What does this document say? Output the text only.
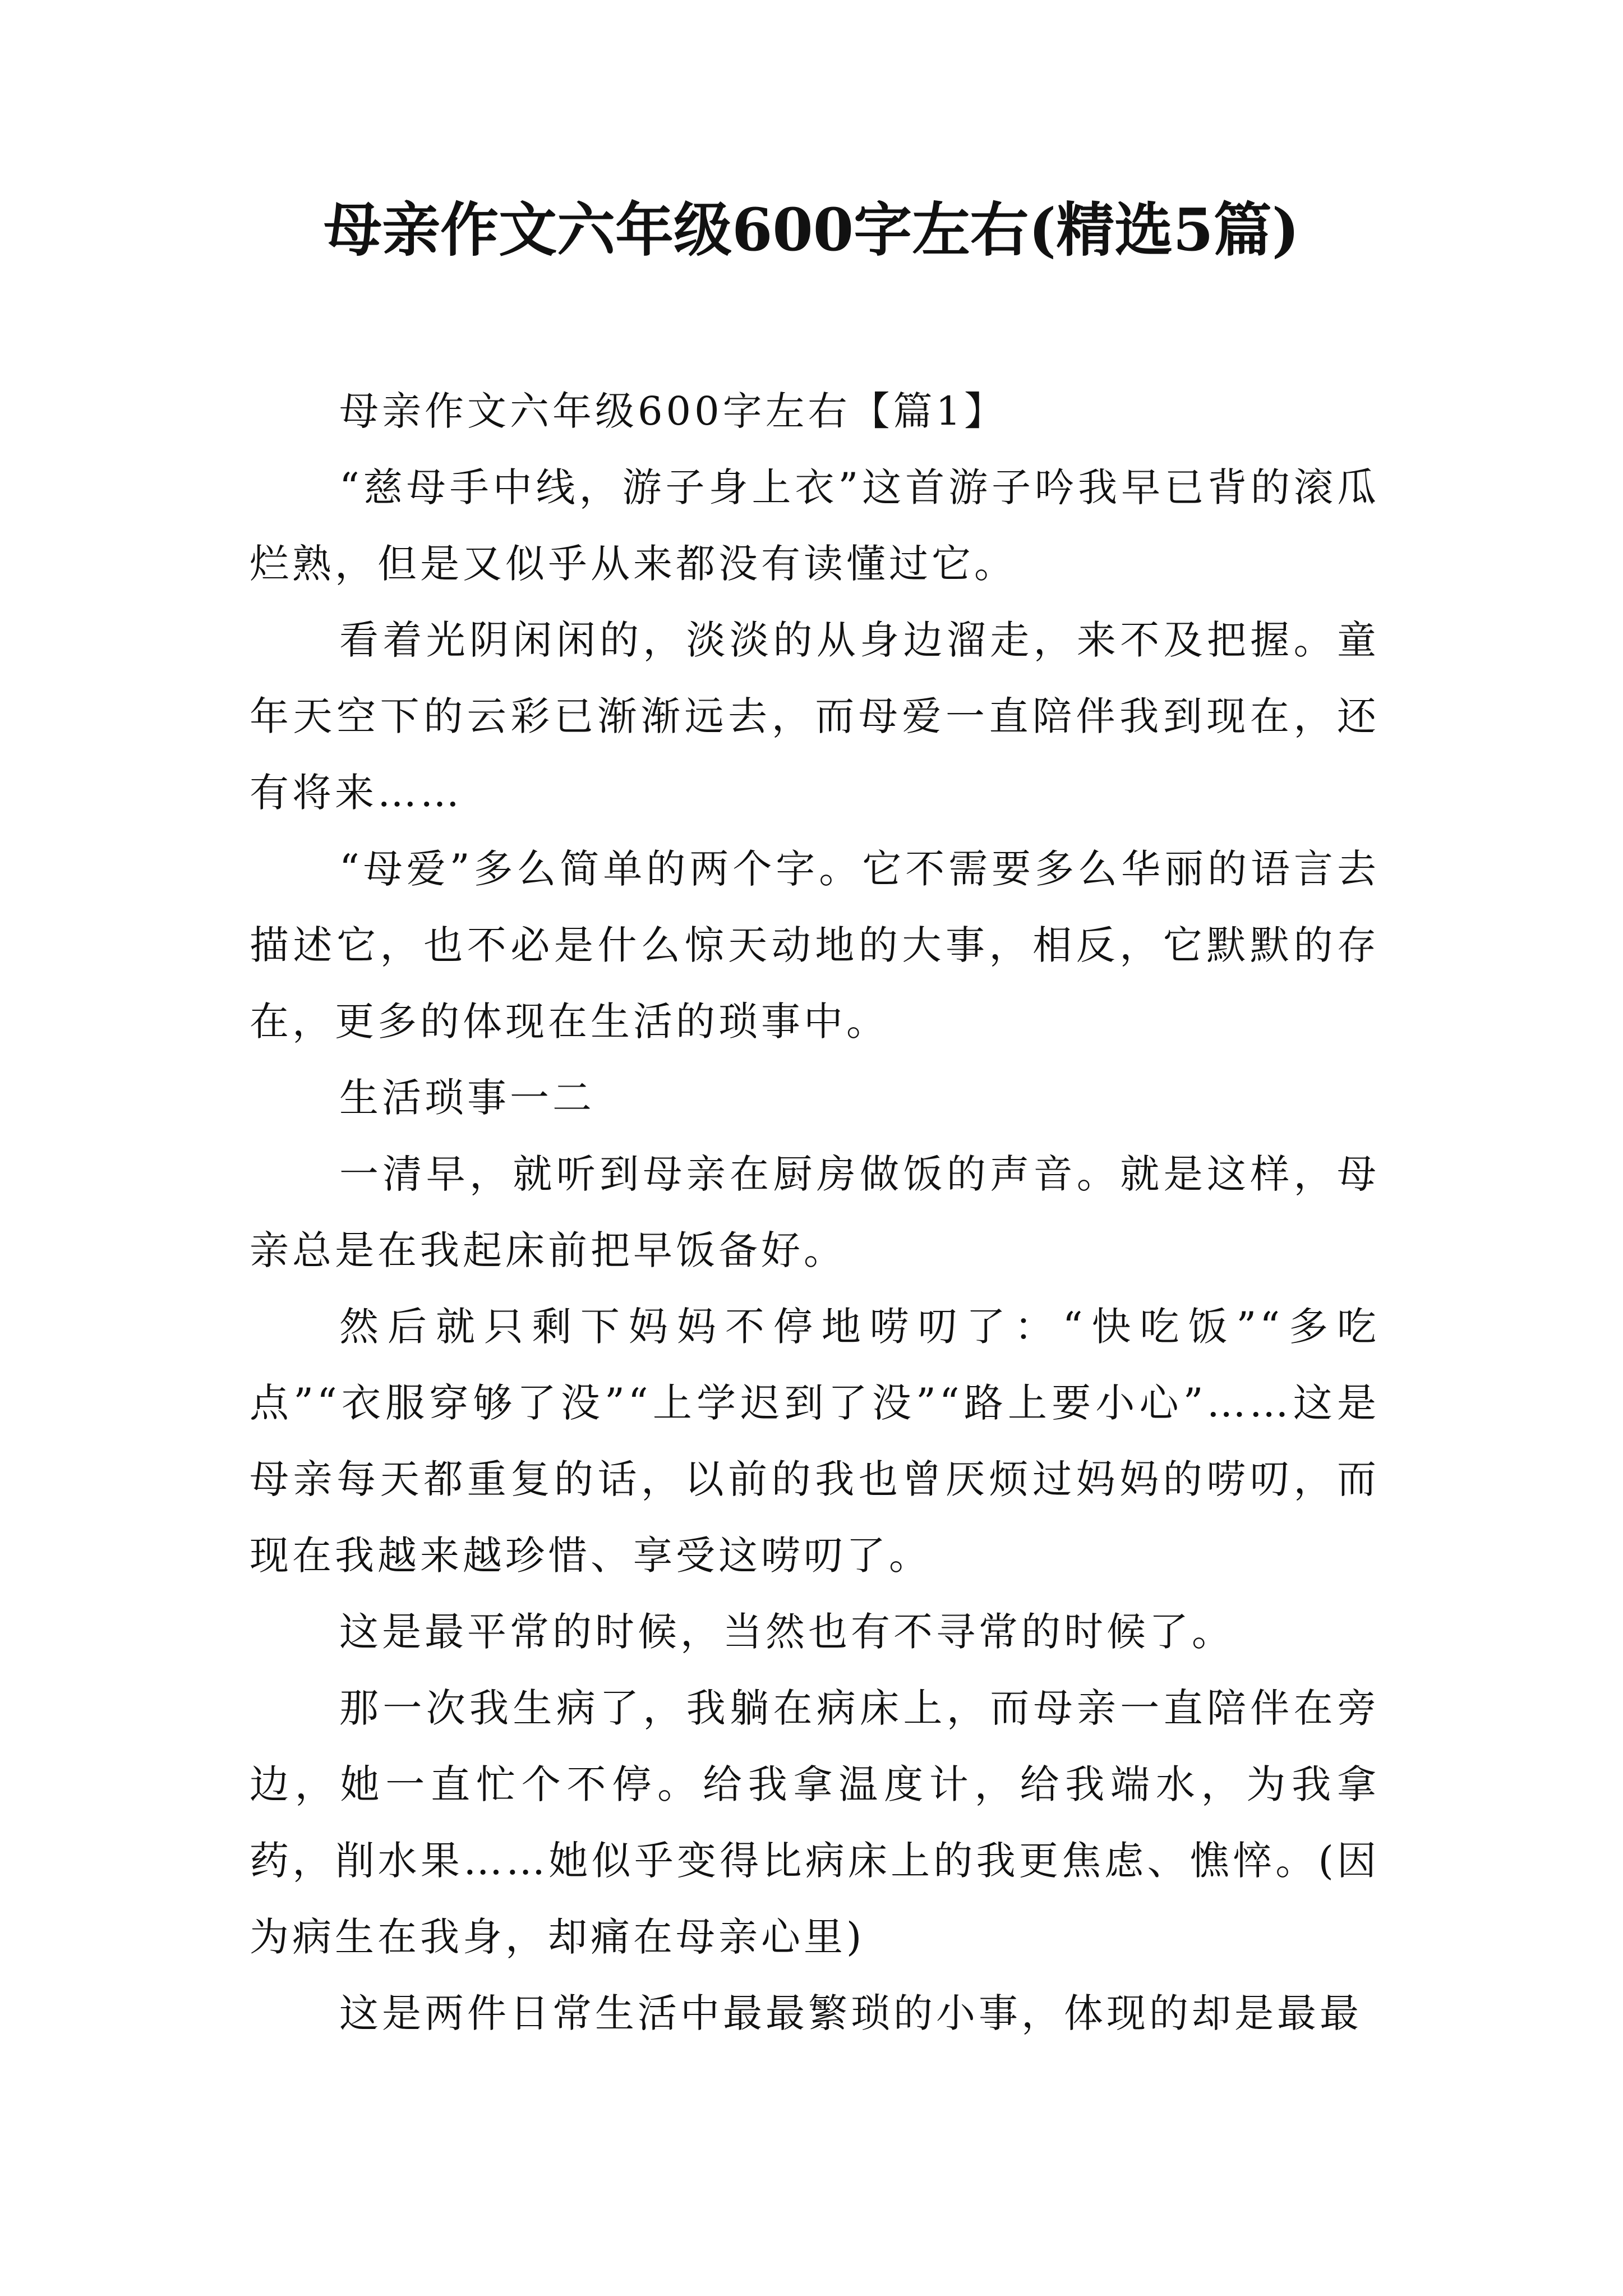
母亲作文六年级600字左右(精选5篇)

母亲作文六年级600字左右【篇1】

“慈母手中线，游子身上衣”这首游子吟我早已背的滚瓜烂熟，但是又似乎从来都没有读懂过它。

看着光阴闲闲的，淡淡的从身边溜走，来不及把握。童年天空下的云彩已渐渐远去，而母爱一直陪伴我到现在，还有将来……

“母爱”多么简单的两个字。它不需要多么华丽的语言去描述它，也不必是什么惊天动地的大事，相反，它默默的存在，更多的体现在生活的琐事中。

生活琐事一二

一清早，就听到母亲在厨房做饭的声音。就是这样，母亲总是在我起床前把早饭备好。

然后就只剩下妈妈不停地唠叨了：“快吃饭”“多吃点”“衣服穿够了没”“上学迟到了没”“路上要小心”……这是母亲每天都重复的话，以前的我也曾厌烦过妈妈的唠叨，而现在我越来越珍惜、享受这唠叨了。

这是最平常的时候，当然也有不寻常的时候了。

那一次我生病了，我躺在病床上，而母亲一直陪伴在旁边，她一直忙个不停。给我拿温度计，给我端水，为我拿药，削水果……她似乎变得比病床上的我更焦虑、憔悴。(因为病生在我身，却痛在母亲心里)

这是两件日常生活中最最繁琐的小事，体现的却是最最
